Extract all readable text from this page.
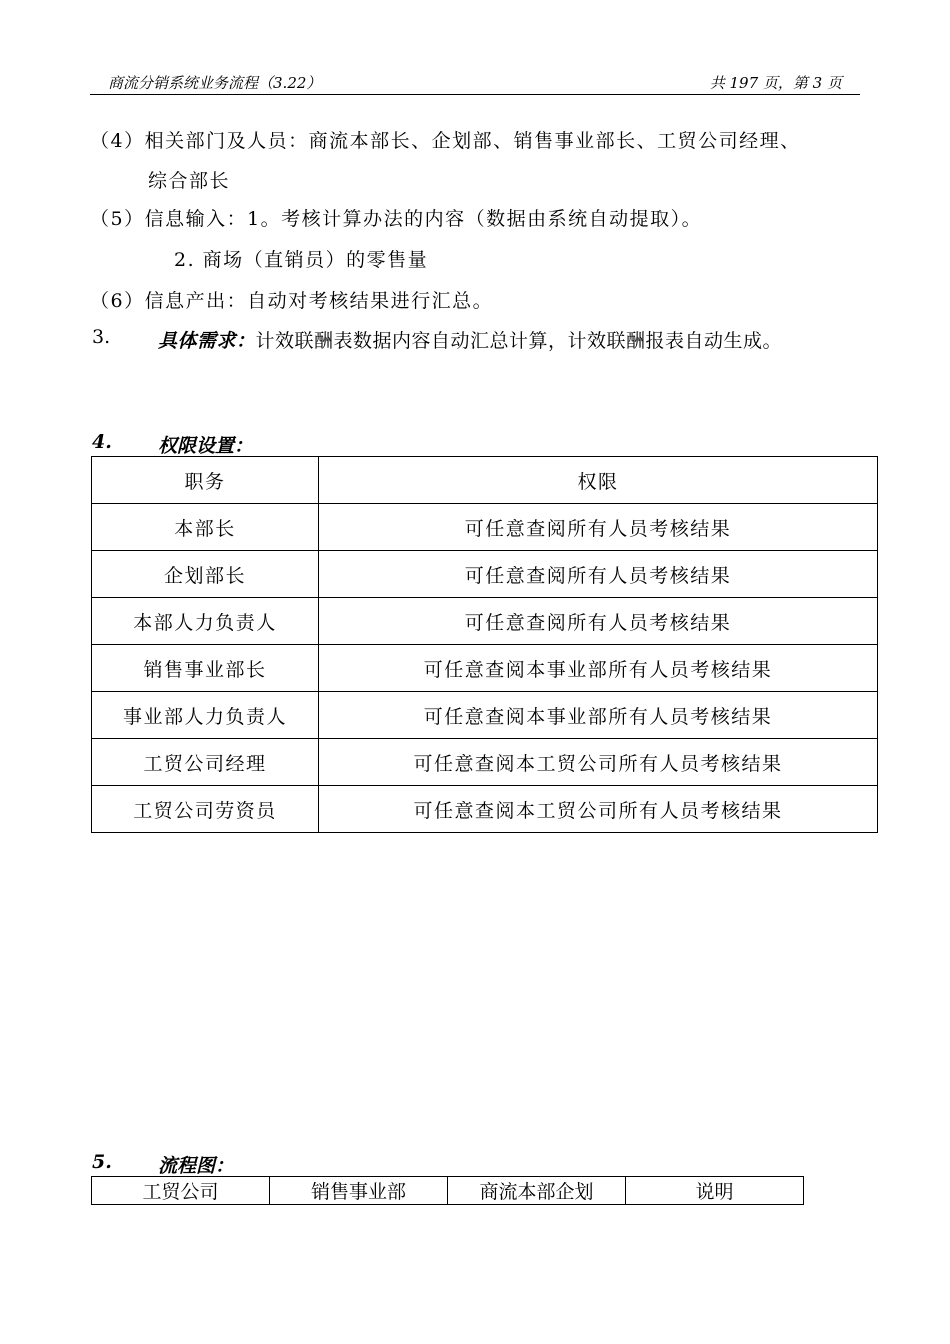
商流分销系统业务流程（3.22）	共 197 页，第 3 页
（4）相关部门及人员：商流本部长、企划部、销售事业部长、工贸公司经理、
综合部长
（5）信息输入：1。考核计算办法的内容（数据由系统自动提取）。
2. 商场（直销员）的零售量
（6）信息产出：自动对考核结果进行汇总。
3.	具体需求：计效联酬表数据内容自动汇总计算，计效联酬报表自动生成。
4. 权限设置：
职务	权限
本部长	可任意查阅所有人员考核结果
企划部长	可任意查阅所有人员考核结果
本部人力负责人	可任意查阅所有人员考核结果
销售事业部长	可任意查阅本事业部所有人员考核结果
事业部人力负责人	可任意查阅本事业部所有人员考核结果
工贸公司经理	可任意查阅本工贸公司所有人员考核结果
工贸公司劳资员	可任意查阅本工贸公司所有人员考核结果
5. 流程图：
工贸公司	销售事业部	商流本部企划	说明
